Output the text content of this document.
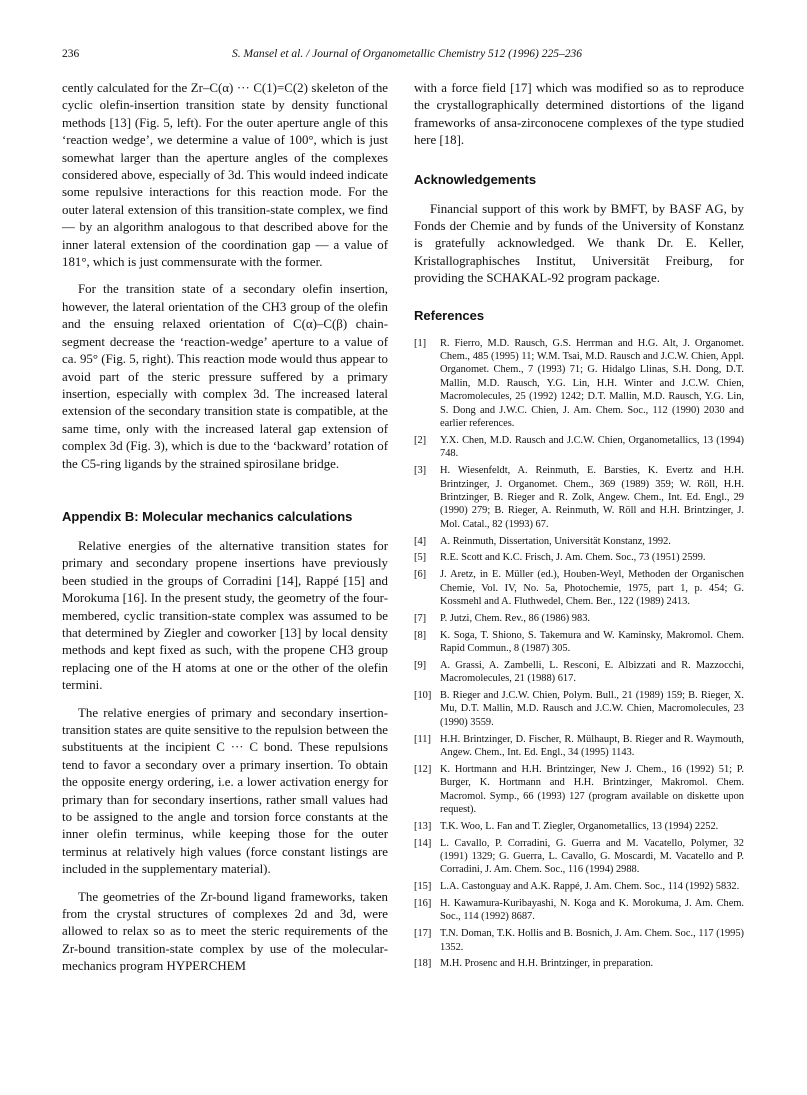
236	S. Mansel et al. / Journal of Organometallic Chemistry 512 (1996) 225–236

cently calculated for the Zr–C(α) ··· C(1)=C(2) skeleton of the cyclic olefin-insertion transition state by density functional methods [13] (Fig. 5, left). For the outer aperture angle of this ‘reaction wedge’, we determine a value of 100°, which is just somewhat larger than the aperture angles of the complexes considered above, especially of 3d. This would indeed indicate some repulsive interactions for this reaction mode. For the outer lateral extension of this transition-state complex, we find — by an algorithm analogous to that described above for the inner lateral extension of the coordination gap — a value of 181°, which is just commensurate with the former.

For the transition state of a secondary olefin insertion, however, the lateral orientation of the CH3 group of the olefin and the ensuing relaxed orientation of C(α)–C(β) chain-segment decrease the ‘reaction-wedge’ aperture to a value of ca. 95° (Fig. 5, right). This reaction mode would thus appear to avoid part of the steric pressure suffered by a primary insertion, especially with complex 3d. The increased lateral extension of the secondary transition state is compatible, at the same time, only with the increased lateral gap extension of complex 3d (Fig. 3), which is due to the ‘backward’ rotation of the C5-ring ligands by the strained spirosilane bridge.

Appendix B: Molecular mechanics calculations

Relative energies of the alternative transition states for primary and secondary propene insertions have previously been studied in the groups of Corradini [14], Rappé [15] and Morokuma [16]. In the present study, the geometry of the four-membered, cyclic transition-state complex was assumed to be that determined by Ziegler and coworker [13] by local density methods and kept fixed as such, with the propene CH3 group replacing one of the H atoms at one or the other of the olefin termini.

The relative energies of primary and secondary insertion-transition states are quite sensitive to the repulsion between the substituents at the incipient C ··· C bond. These repulsions tend to favor a secondary over a primary insertion. To obtain the opposite energy ordering, i.e. a lower activation energy for primary than for secondary insertions, rather small values had to be assigned to the angle and torsion force constants at the inner olefin terminus, while keeping those for the outer terminus at relatively high values (force constant listings are included in the supplementary material).

The geometries of the Zr-bound ligand frameworks, taken from the crystal structures of complexes 2d and 3d, were allowed to relax so as to meet the steric requirements of the Zr-bound transition-state complex by use of the molecular-mechanics program HYPERCHEM

with a force field [17] which was modified so as to reproduce the crystallographically determined distortions of the ligand frameworks of ansa-zirconocene complexes of the type studied here [18].

Acknowledgements

Financial support of this work by BMFT, by BASF AG, by Fonds der Chemie and by funds of the University of Konstanz is gratefully acknowledged. We thank Dr. E. Keller, Kristallographisches Institut, Universität Freiburg, for providing the SCHAKAL-92 program package.

References
[1] R. Fierro, M.D. Rausch, G.S. Herrman and H.G. Alt, J. Organomet. Chem., 485 (1995) 11; W.M. Tsai, M.D. Rausch and J.C.W. Chien, Appl. Organomet. Chem., 7 (1993) 71; G. Hidalgo Llinas, S.H. Dong, D.T. Mallin, M.D. Rausch, Y.G. Lin, H.H. Winter and J.C.W. Chien, Macromolecules, 25 (1992) 1242; D.T. Mallin, M.D. Rausch, Y.G. Lin, S. Dong and J.W.C. Chien, J. Am. Chem. Soc., 112 (1990) 2030 and earlier references.
[2] Y.X. Chen, M.D. Rausch and J.C.W. Chien, Organometallics, 13 (1994) 748.
[3] H. Wiesenfeldt, A. Reinmuth, E. Barsties, K. Evertz and H.H. Brintzinger, J. Organomet. Chem., 369 (1989) 359; W. Röll, H.H. Brintzinger, B. Rieger and R. Zolk, Angew. Chem., Int. Ed. Engl., 29 (1990) 279; B. Rieger, A. Reinmuth, W. Röll and H.H. Brintzinger, J. Mol. Catal., 82 (1993) 67.
[4] A. Reinmuth, Dissertation, Universität Konstanz, 1992.
[5] R.E. Scott and K.C. Frisch, J. Am. Chem. Soc., 73 (1951) 2599.
[6] J. Aretz, in E. Müller (ed.), Houben-Weyl, Methoden der Organischen Chemie, Vol. IV, No. 5a, Photochemie, 1975, part 1, p. 454; G. Kossmehl and A. Fluthwedel, Chem. Ber., 122 (1989) 2413.
[7] P. Jutzi, Chem. Rev., 86 (1986) 983.
[8] K. Soga, T. Shiono, S. Takemura and W. Kaminsky, Makromol. Chem. Rapid Commun., 8 (1987) 305.
[9] A. Grassi, A. Zambelli, L. Resconi, E. Albizzati and R. Mazzocchi, Macromolecules, 21 (1988) 617.
[10] B. Rieger and J.C.W. Chien, Polym. Bull., 21 (1989) 159; B. Rieger, X. Mu, D.T. Mallin, M.D. Rausch and J.C.W. Chien, Macromolecules, 23 (1990) 3559.
[11] H.H. Brintzinger, D. Fischer, R. Mülhaupt, B. Rieger and R. Waymouth, Angew. Chem., Int. Ed. Engl., 34 (1995) 1143.
[12] K. Hortmann and H.H. Brintzinger, New J. Chem., 16 (1992) 51; P. Burger, K. Hortmann and H.H. Brintzinger, Makromol. Chem. Macromol. Symp., 66 (1993) 127 (program available on diskette upon request).
[13] T.K. Woo, L. Fan and T. Ziegler, Organometallics, 13 (1994) 2252.
[14] L. Cavallo, P. Corradini, G. Guerra and M. Vacatello, Polymer, 32 (1991) 1329; G. Guerra, L. Cavallo, G. Moscardi, M. Vacatello and P. Corradini, J. Am. Chem. Soc., 116 (1994) 2988.
[15] L.A. Castonguay and A.K. Rappé, J. Am. Chem. Soc., 114 (1992) 5832.
[16] H. Kawamura-Kuribayashi, N. Koga and K. Morokuma, J. Am. Chem. Soc., 114 (1992) 8687.
[17] T.N. Doman, T.K. Hollis and B. Bosnich, J. Am. Chem. Soc., 117 (1995) 1352.
[18] M.H. Prosenc and H.H. Brintzinger, in preparation.
